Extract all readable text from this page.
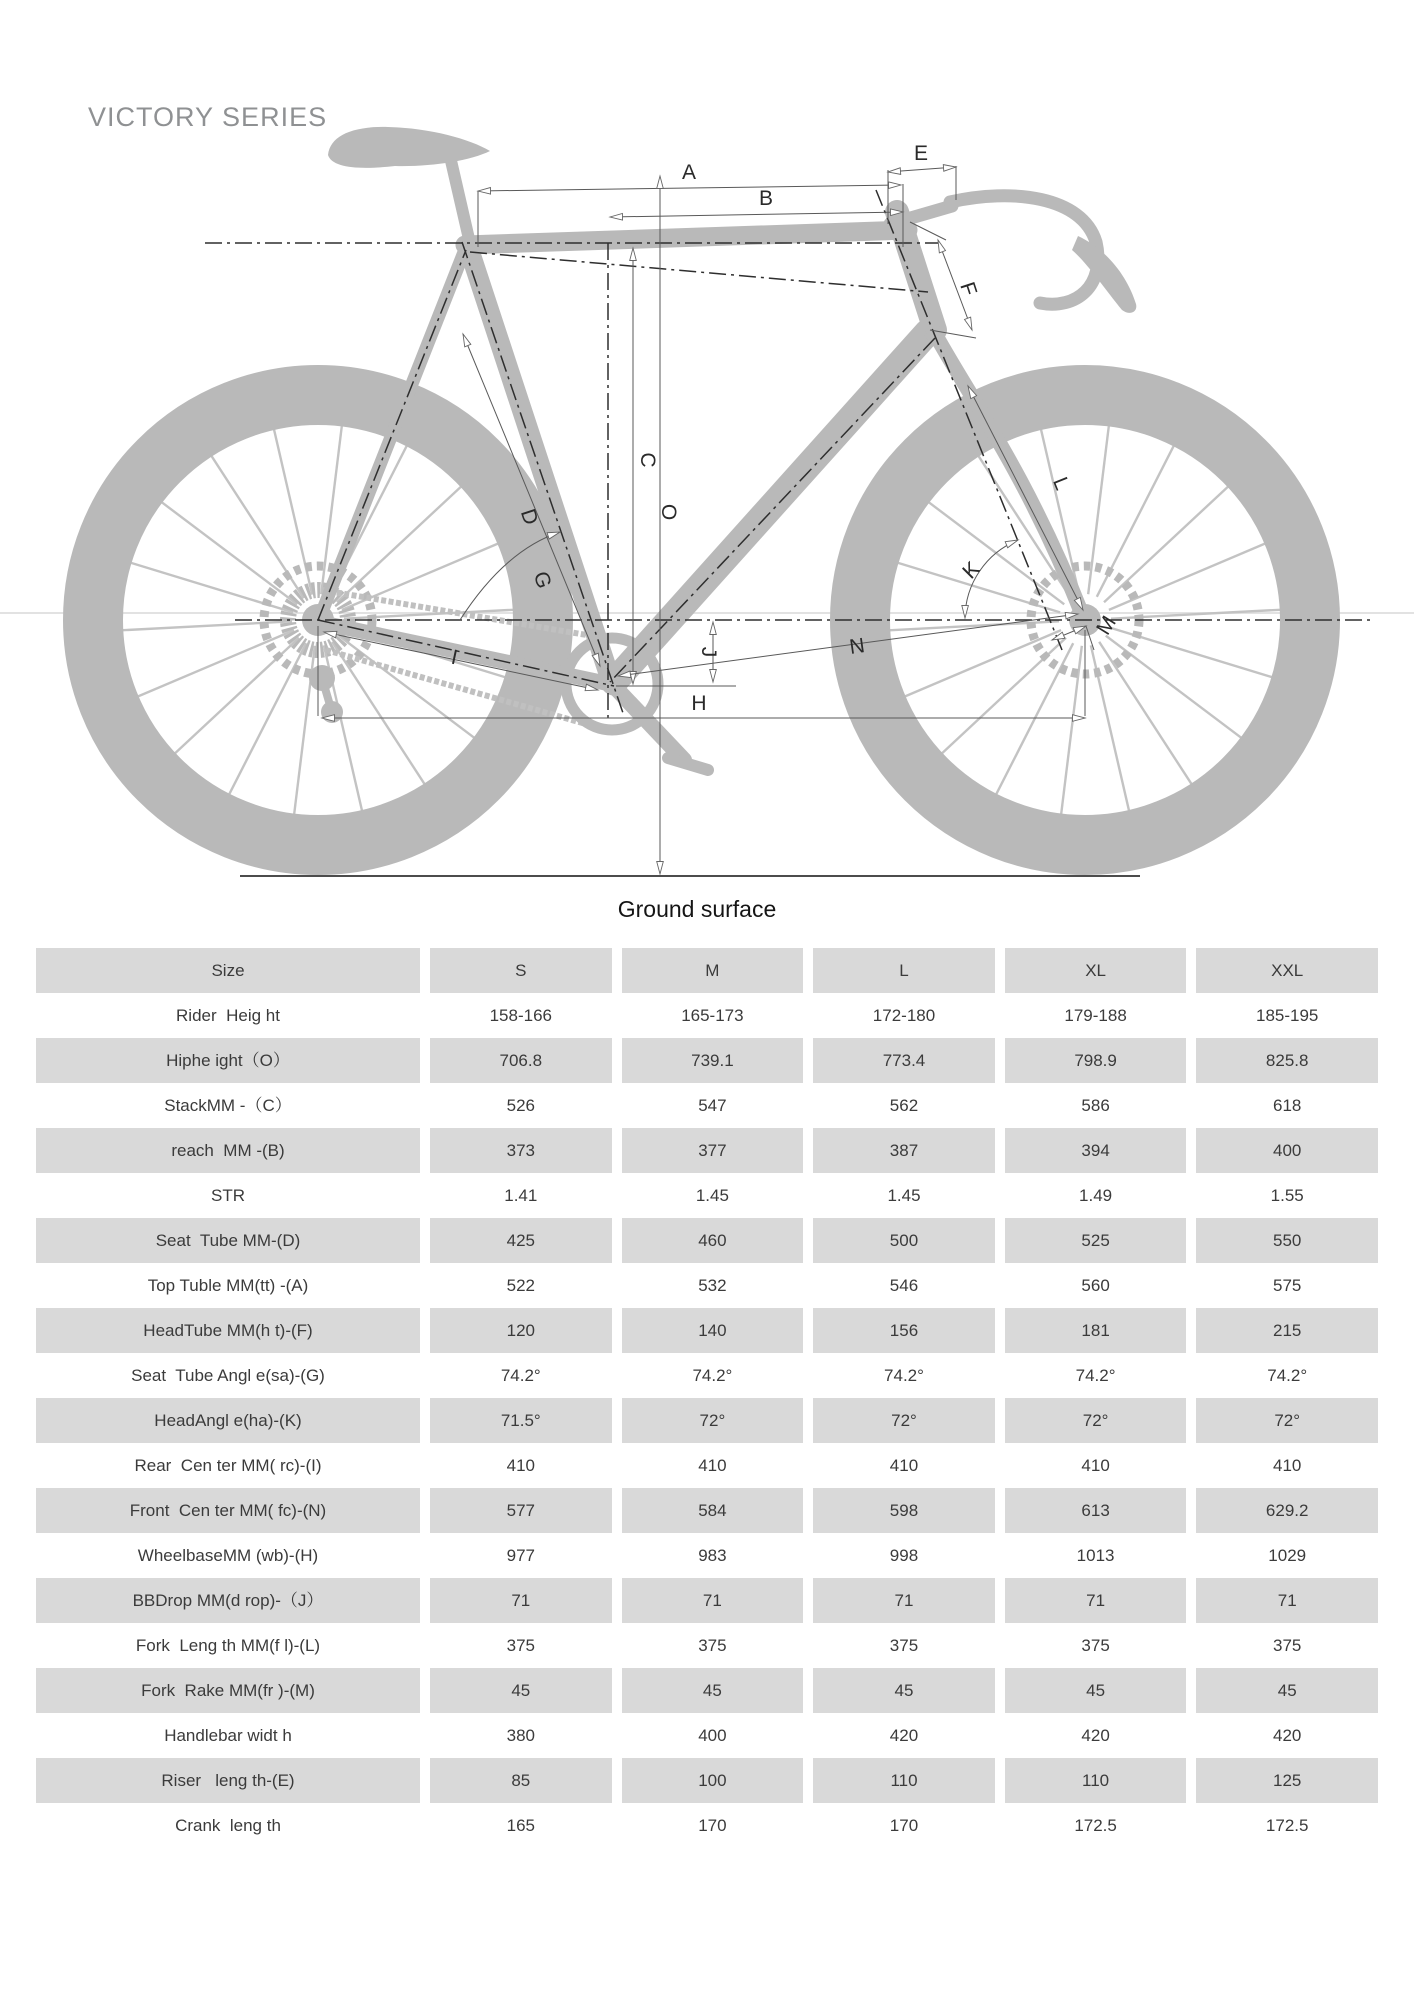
VICTORY SERIES
A
B
E
F
C
O
D
G
I	J
H
N
K
L
M
Ground surface
Size	S	M	L	XL	XXL
Rider  Heig ht	158-166	165-173	172-180	179-188	185-195
Hiphe ight（O）	706.8	739.1	773.4	798.9	825.8
StackMM -（C）	526	547	562	586	618
reach  MM -(B)	373	377	387	394	400
STR	1.41	1.45	1.45	1.49	1.55
Seat  Tube MM-(D)	425	460	500	525	550
Top Tuble MM(tt) -(A)	522	532	546	560	575
HeadTube MM(h t)-(F)	120	140	156	181	215
Seat  Tube Angl e(sa)-(G)	74.2°	74.2°	74.2°	74.2°	74.2°
HeadAngl e(ha)-(K)	71.5°	72°	72°	72°	72°
Rear  Cen ter MM( rc)-(I)	410	410	410	410	410
Front  Cen ter MM( fc)-(N)	577	584	598	613	629.2
WheelbaseMM (wb)-(H)	977	983	998	1013	1029
BBDrop MM(d rop)-（J）	71	71	71	71	71
Fork  Leng th MM(f l)-(L)	375	375	375	375	375
Fork  Rake MM(fr )-(M)	45	45	45	45	45
Handlebar widt h	380	400	420	420	420
Riser   leng th-(E)	85	100	110	110	125
Crank  leng th	165	170	170	172.5	172.5
